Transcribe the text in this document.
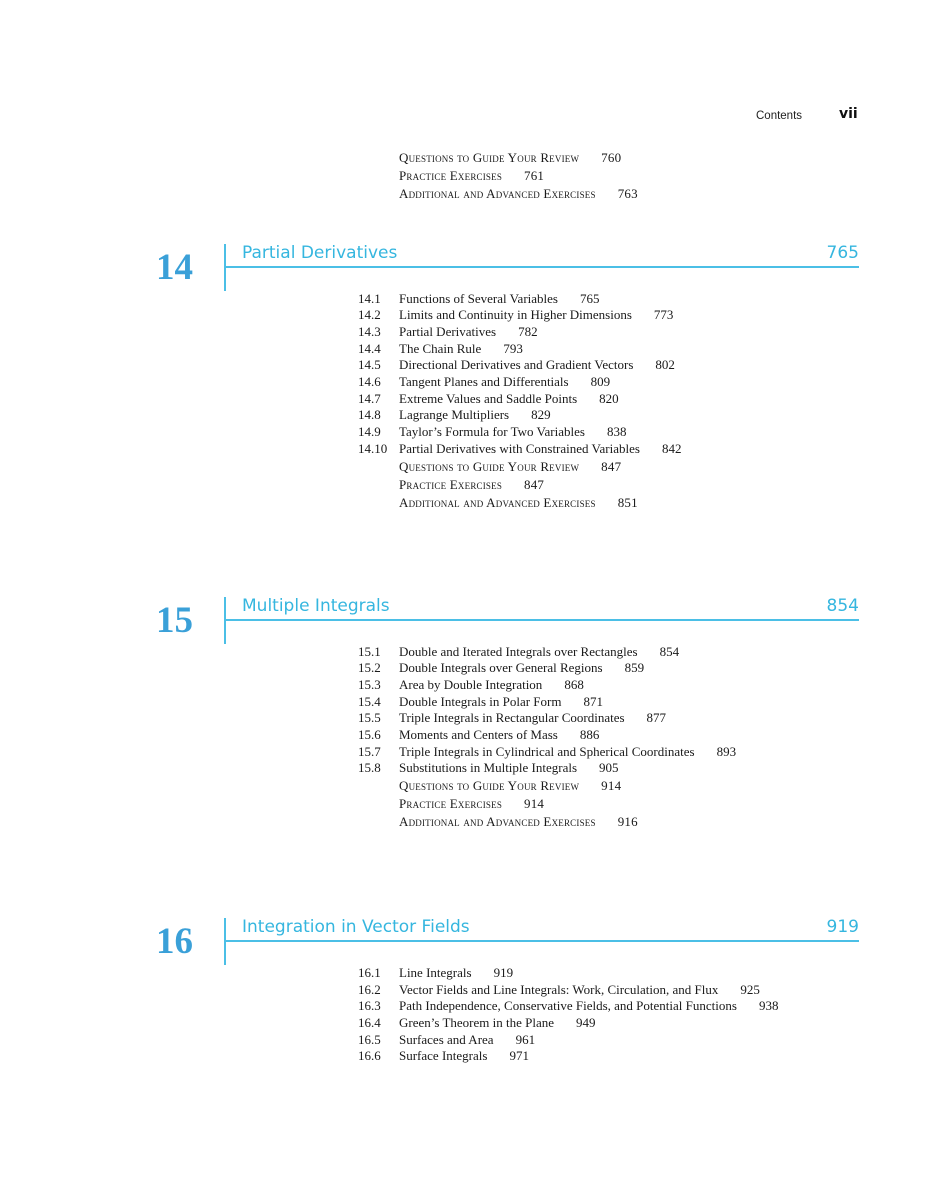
Contents	vii
Questions to Guide Your Review 760
Practice Exercises 761
Additional and Advanced Exercises 763
14	Partial Derivatives	765
14.1 Functions of Several Variables 765
14.2 Limits and Continuity in Higher Dimensions 773
14.3 Partial Derivatives 782
14.4 The Chain Rule 793
14.5 Directional Derivatives and Gradient Vectors 802
14.6 Tangent Planes and Differentials 809
14.7 Extreme Values and Saddle Points 820
14.8 Lagrange Multipliers 829
14.9 Taylor’s Formula for Two Variables 838
14.10 Partial Derivatives with Constrained Variables 842
Questions to Guide Your Review 847
Practice Exercises 847
Additional and Advanced Exercises 851
15	Multiple Integrals	854
15.1 Double and Iterated Integrals over Rectangles 854
15.2 Double Integrals over General Regions 859
15.3 Area by Double Integration 868
15.4 Double Integrals in Polar Form 871
15.5 Triple Integrals in Rectangular Coordinates 877
15.6 Moments and Centers of Mass 886
15.7 Triple Integrals in Cylindrical and Spherical Coordinates 893
15.8 Substitutions in Multiple Integrals 905
Questions to Guide Your Review 914
Practice Exercises 914
Additional and Advanced Exercises 916
16	Integration in Vector Fields	919
16.1 Line Integrals 919
16.2 Vector Fields and Line Integrals: Work, Circulation, and Flux 925
16.3 Path Independence, Conservative Fields, and Potential Functions 938
16.4 Green’s Theorem in the Plane 949
16.5 Surfaces and Area 961
16.6 Surface Integrals 971
